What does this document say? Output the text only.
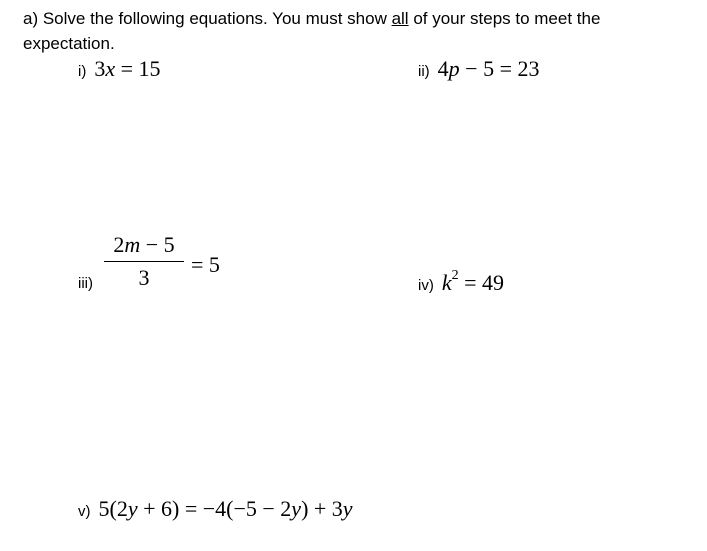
a) Solve the following equations. You must show all of your steps to meet the expectation.
i) 3x = 15	ii) 4p − 5 = 23
iii)
2m − 5
3
= 5
iv) $k^2 = 49$
v) 5(2y + 6) = −4(−5 − 2y) + 3y
